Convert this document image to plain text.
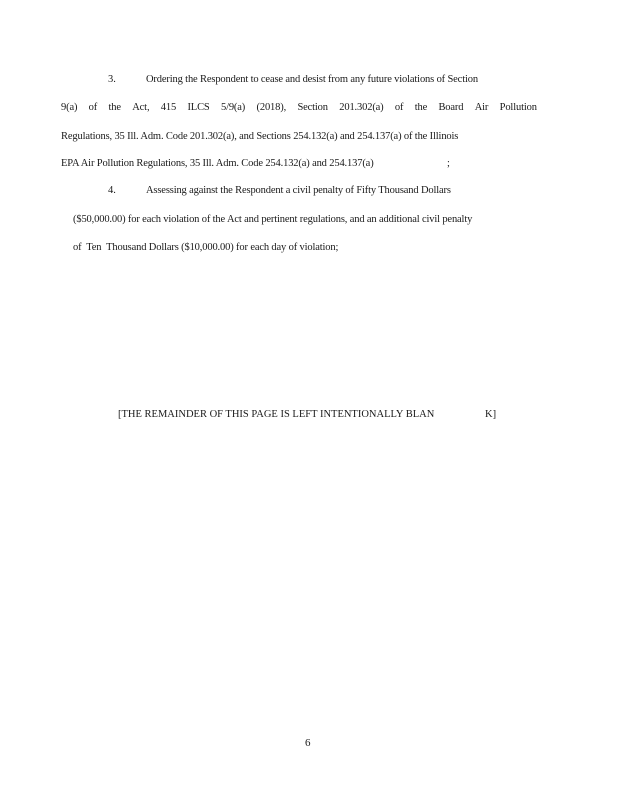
3.	Ordering the Respondent to cease and desist from any future violations of Section
9(a) of the Act, 415 ILCS 5/9(a) (2018), Section 201.302(a) of the Board Air Pollution
Regulations, 35 Ill. Adm. Code 201.302(a), and Sections 254.132(a) and 254.137(a) of the Illinois
EPA Air Pollution Regulations, 35 Ill. Adm. Code 254.132(a) and 254.137(a)	;
4.	Assessing against the Respondent a civil penalty of Fifty Thousand Dollars
($50,000.00) for each violation of the Act and pertinent regulations, and an additional civil penalty
of  Ten  Thousand Dollars ($10,000.00) for each day of violation;
[THE REMAINDER OF THIS PAGE IS LEFT INTENTIONALLY BLAN	K]
6
